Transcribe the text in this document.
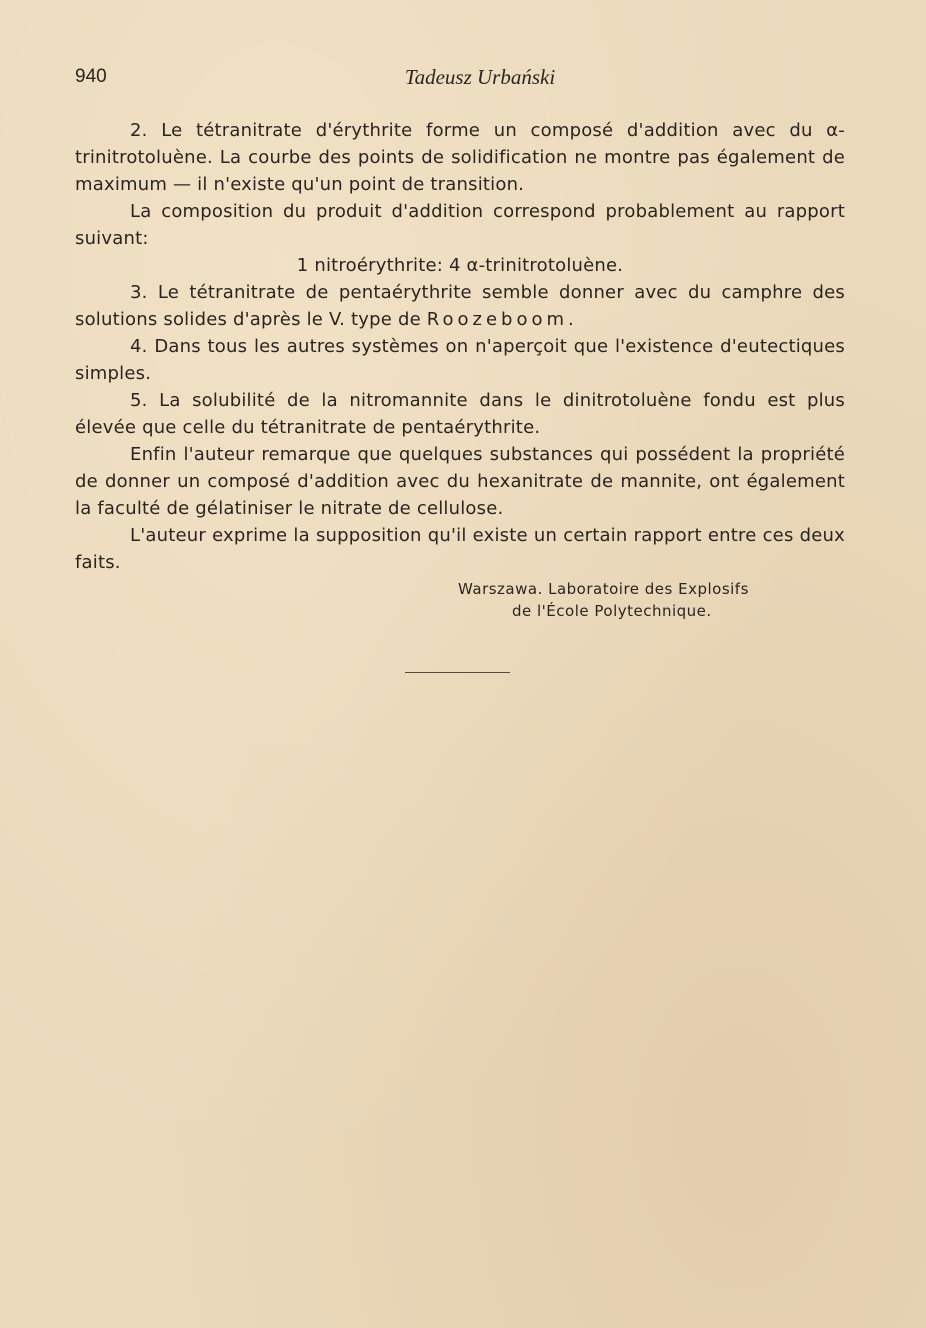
940	Tadeusz Urbański

2. Le tétranitrate d'érythrite forme un composé d'addition avec du α-trinitrotoluène. La courbe des points de solidification ne montre pas également de maximum — il n'existe qu'un point de transition.

La composition du produit d'addition correspond probablement au rapport suivant:

1 nitroérythrite: 4 α-trinitrotoluène.

3. Le tétranitrate de pentaérythrite semble donner avec du camphre des solutions solides d'après le V. type de Roozeboom.

4. Dans tous les autres systèmes on n'aperçoit que l'existence d'eutectiques simples.

5. La solubilité de la nitromannite dans le dinitrotoluène fondu est plus élevée que celle du tétranitrate de pentaérythrite.

Enfin l'auteur remarque que quelques substances qui possédent la propriété de donner un composé d'addition avec du hexanitrate de mannite, ont également la faculté de gélatiniser le nitrate de cellulose.

L'auteur exprime la supposition qu'il existe un certain rapport entre ces deux faits.

Warszawa. Laboratoire des Explosifs
de l'École Polytechnique.
